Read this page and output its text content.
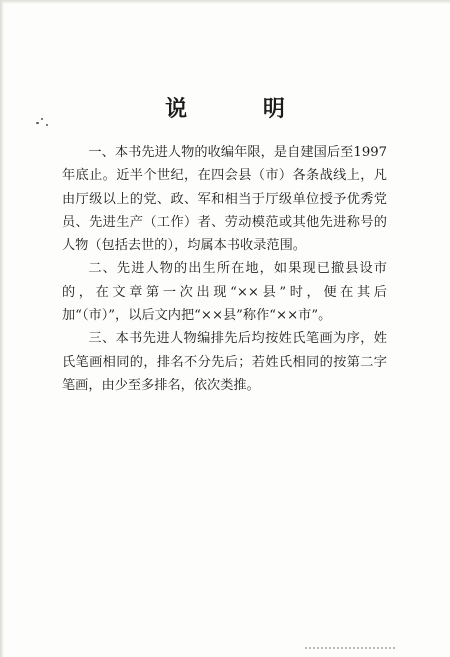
说 明

一、本书先进人物的收编年限，是自建国后至1997年底止。近半个世纪，在四会县（市）各条战线上，凡由厅级以上的党、政、军和相当于厅级单位授予优秀党员、先进生产（工作）者、劳动模范或其他先进称号的人物（包括去世的），均属本书收录范围。

二、先进人物的出生所在地，如果现已撤县设市的，在文章第一次出现“××县”时，便在其后加“（市）”，以后文内把“××县”称作“××市”。

三、本书先进人物编排先后均按姓氏笔画为序，姓氏笔画相同的，排名不分先后；若姓氏相同的按第二字笔画，由少至多排名，依次类推。
